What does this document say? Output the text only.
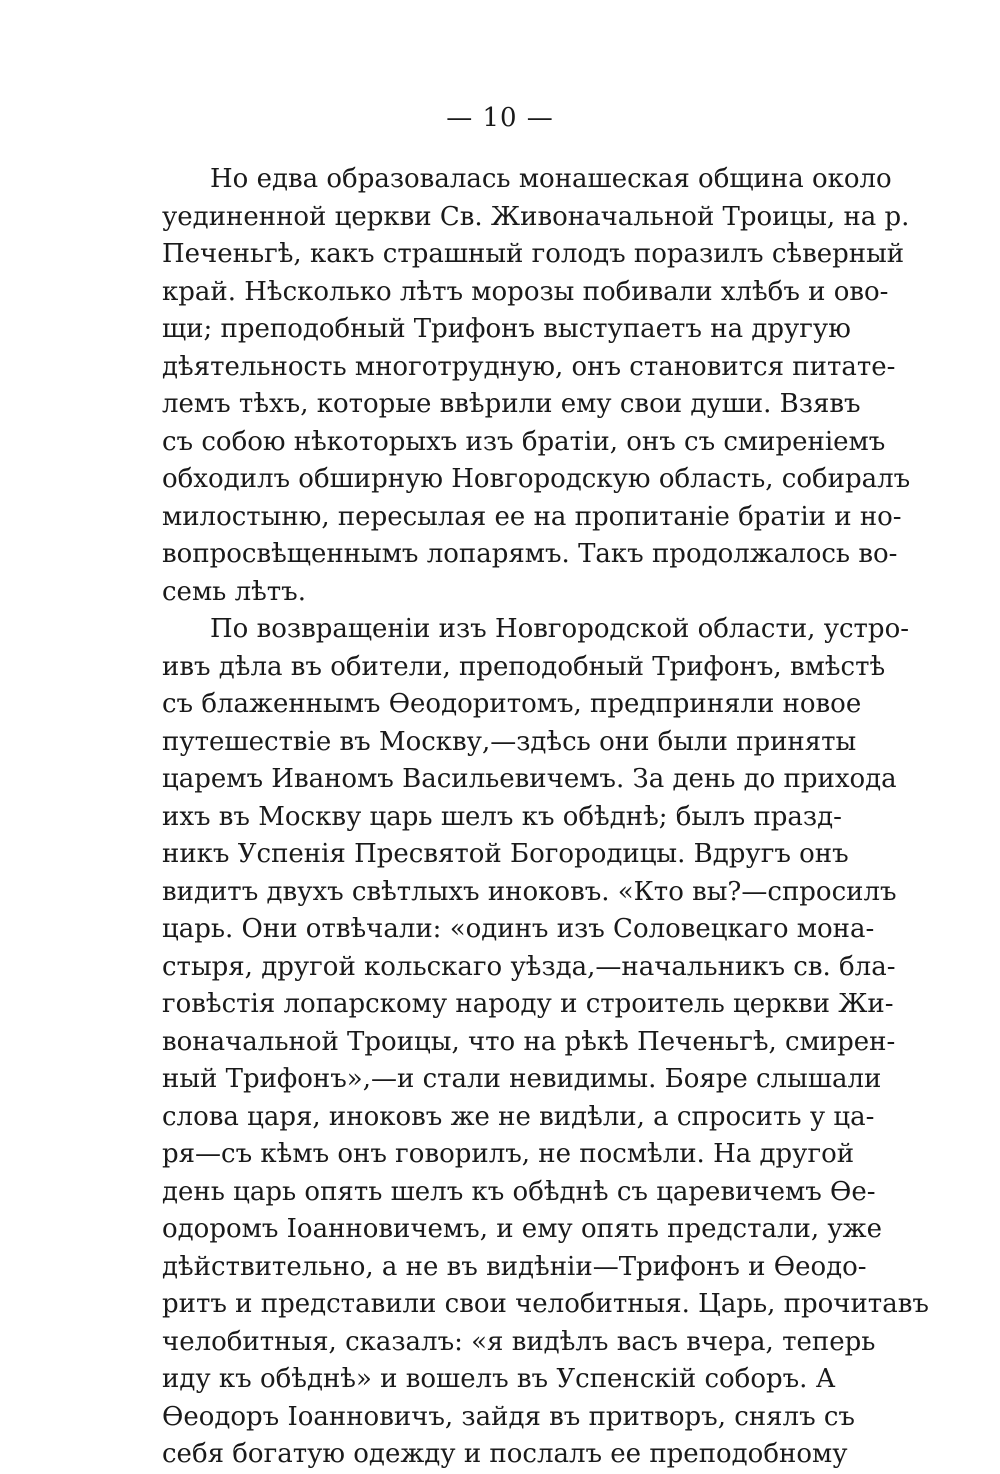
— 10 —
Но едва образовалась монашеская община около
уединенной церкви Св. Живоначальной Троицы, на р.
Печеньгѣ, какъ страшный голодъ поразилъ сѣверный
край. Нѣсколько лѣтъ морозы побивали хлѣбъ и ово-
щи; преподобный Трифонъ выступаетъ на другую
дѣятельность многотрудную, онъ становится питате-
лемъ тѣхъ, которые ввѣрили ему свои души. Взявъ
съ собою нѣкоторыхъ изъ братіи, онъ съ смиреніемъ
обходилъ обширную Новгородскую область, собиралъ
милостыню, пересылая ее на пропитаніе братіи и но-
вопросвѣщеннымъ лопарямъ. Такъ продолжалось во-
семь лѣтъ.
По возвращеніи изъ Новгородской области, устро-
ивъ дѣла въ обители, преподобный Трифонъ, вмѣстѣ
съ блаженнымъ Ѳеодоритомъ, предприняли новое
путешествіе въ Москву,—здѣсь они были приняты
царемъ Иваномъ Васильевичемъ. За день до прихода
ихъ въ Москву царь шелъ къ обѣднѣ; былъ празд-
никъ Успенія Пресвятой Богородицы. Вдругъ онъ
видитъ двухъ свѣтлыхъ иноковъ. «Кто вы?—спросилъ
царь. Они отвѣчали: «одинъ изъ Соловецкаго мона-
стыря, другой кольскаго уѣзда,—начальникъ св. бла-
говѣстія лопарскому народу и строитель церкви Жи-
воначальной Троицы, что на рѣкѣ Печеньгѣ, смирен-
ный Трифонъ»,—и стали невидимы. Бояре слышали
слова царя, иноковъ же не видѣли, а спросить у ца-
ря—съ кѣмъ онъ говорилъ, не посмѣли. На другой
день царь опять шелъ къ обѣднѣ съ царевичемъ Ѳе-
одоромъ Іоанновичемъ, и ему опять предстали, уже
дѣйствительно, а не въ видѣніи—Трифонъ и Ѳеодо-
ритъ и представили свои челобитныя. Царь, прочитавъ
челобитныя, сказалъ: «я видѣлъ васъ вчера, теперь
иду къ обѣднѣ» и вошелъ въ Успенскій соборъ. А
Ѳеодоръ Іоанновичъ, зайдя въ притворъ, снялъ съ
себя богатую одежду и послалъ ее преподобному
